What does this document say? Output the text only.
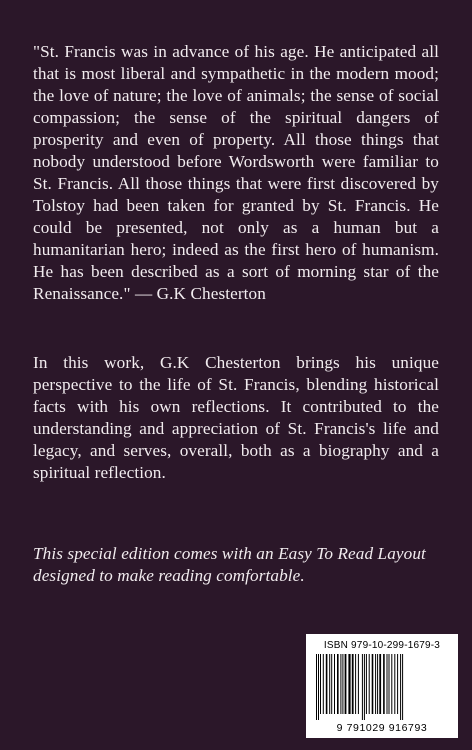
"St. Francis was in advance of his age. He anticipated all that is most liberal and sympathetic in the modern mood; the love of nature; the love of animals; the sense of social compassion; the sense of the spiritual dangers of prosperity and even of property. All those things that nobody understood before Wordsworth were familiar to St. Francis. All those things that were first discovered by Tolstoy had been taken for granted by St. Francis. He could be presented, not only as a human but a humanitarian hero; indeed as the first hero of humanism. He has been described as a sort of morning star of the Renaissance." — G.K Chesterton
In this work, G.K Chesterton brings his unique perspective to the life of St. Francis, blending historical facts with his own reflections. It contributed to the understanding and appreciation of St. Francis's life and legacy, and serves, overall, both as a biography and a spiritual reflection.
This special edition comes with an Easy To Read Layout designed to make reading comfortable.
ISBN 979-10-299-1679-3
9 791029 916793
